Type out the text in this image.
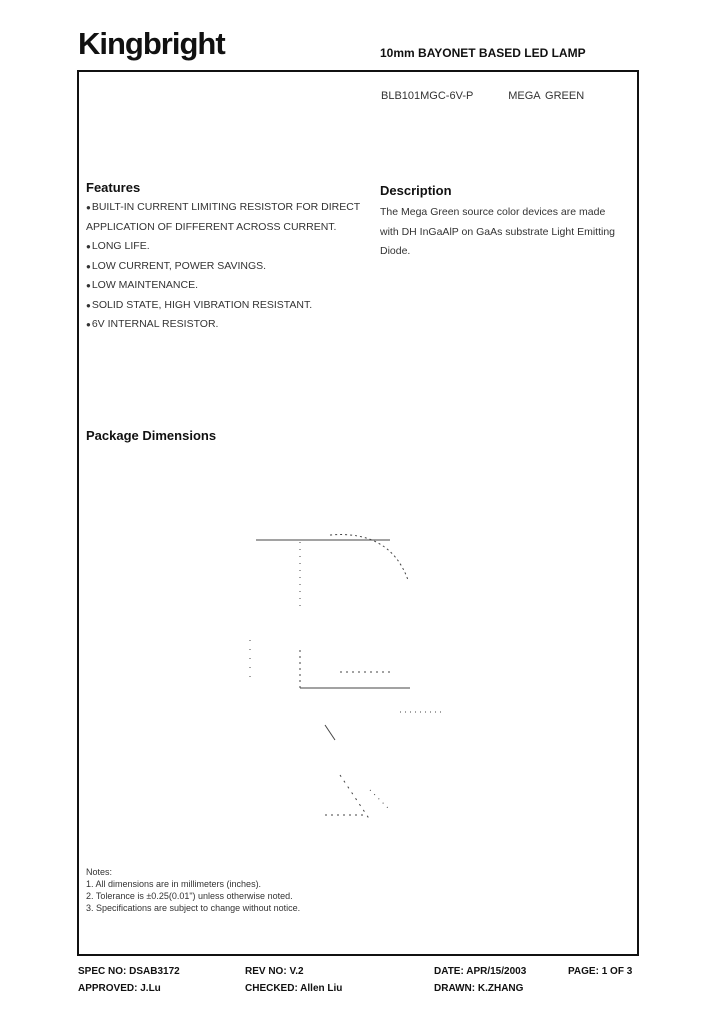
Kingbright	10mm BAYONET BASED LED LAMP
BLB101MGC-6V-P	MEGA GREEN
Features
●BUILT-IN CURRENT LIMITING RESISTOR FOR DIRECT
APPLICATION OF DIFFERENT ACROSS CURRENT.
●LONG LIFE.
●LOW CURRENT, POWER SAVINGS.
●LOW MAINTENANCE.
●SOLID STATE, HIGH VIBRATION RESISTANT.
●6V INTERNAL RESISTOR.
Description

The Mega Green source color devices are made with DH InGaAlP on GaAs substrate Light Emitting Diode.

Package Dimensions
Notes:
1. All dimensions are in millimeters (inches).
2. Tolerance is ±0.25(0.01") unless otherwise noted.
3. Specifications are subject to change without notice.
SPEC NO: DSAB3172	REV NO: V.2	DATE: APR/15/2003	PAGE: 1 OF 3
APPROVED: J.Lu	CHECKED: Allen Liu	DRAWN: K.ZHANG
